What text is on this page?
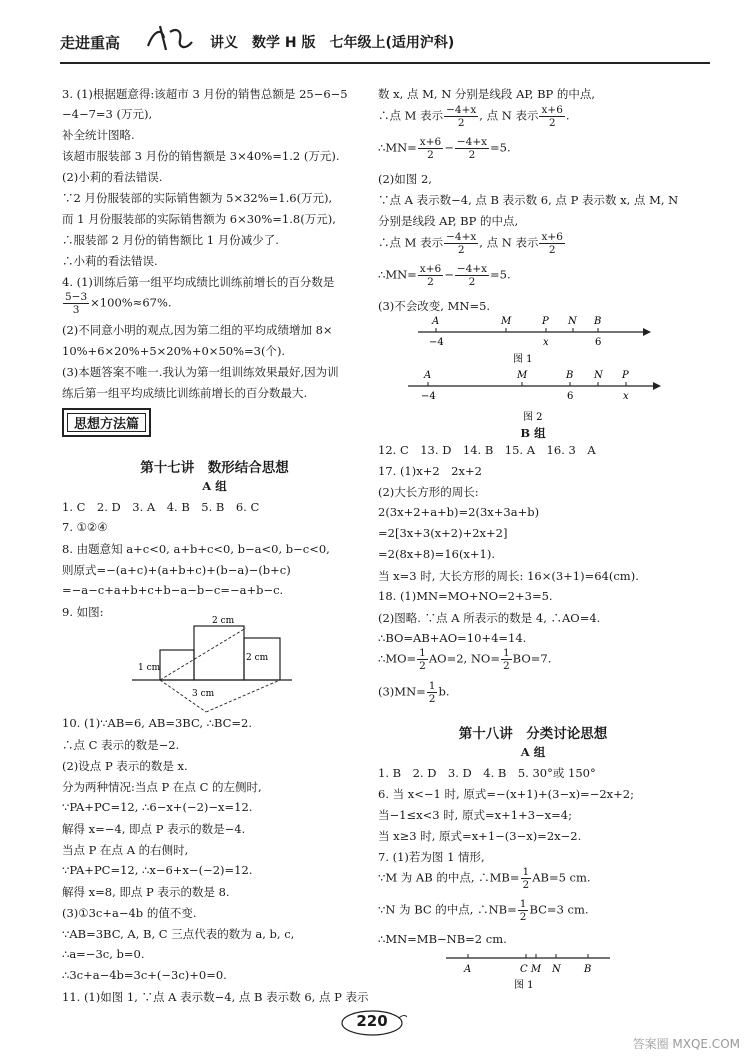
走进重高	讲义　数学 H 版　七年级上(适用沪科)
3. (1)根据题意得:该超市 3 月份的销售总额是 25−6−5
−4−7=3 (万元),
补全统计图略.
该超市服装部 3 月份的销售额是 3×40%=1.2 (万元).
(2)小莉的看法错误.
∵2 月份服装部的实际销售额为 5×32%=1.6(万元),
而 1 月份服装部的实际销售额为 6×30%=1.8(万元),
∴服装部 2 月份的销售额比 1 月份减少了.
∴小莉的看法错误.
4. (1)训练后第一组平均成绩比训练前增长的百分数是
$\frac{5-3}{3} \times 100\%\approx 67\%$.
(2)不同意小明的观点,因为第二组的平均成绩增加 8×
10%+6×20%+5×20%+0×50%=3(个).
(3)本题答案不唯一.我认为第一组训练效果最好,因为训
练后第一组平均成绩比训练前增长的百分数最大.
思想方法篇
第十七讲　数形结合思想
A 组
1. C　2. D　3. A　4. B　5. B　6. C
7. ①②④
8. 由题意知 a+c<0, a+b+c<0, b−a<0, b−c<0,
则原式=−(a+c)+(a+b+c)+(b−a)−(b+c)
=−a−c+a+b+c+b−a−b−c=−a+b−c.
9. 如图:
2 cm
2 cm
1 cm
3 cm
10. (1)∵AB=6, AB=3BC, ∴BC=2.
∴点 C 表示的数是−2.
(2)设点 P 表示的数是 x.
分为两种情况:当点 P 在点 C 的左侧时,
∵PA+PC=12, ∴6−x+(−2)−x=12.
解得 x=−4, 即点 P 表示的数是−4.
当点 P 在点 A 的右侧时,
∵PA+PC=12, ∴x−6+x−(−2)=12.
解得 x=8, 即点 P 表示的数是 8.
(3)①3c+a−4b 的值不变.
∵AB=3BC, A, B, C 三点代表的数为 a, b, c,
∴a=−3c, b=0.
∴3c+a−4b=3c+(−3c)+0=0.
11. (1)如图 1, ∵点 A 表示数−4, 点 B 表示数 6, 点 P 表示
数 x, 点 M, N 分别是线段 AP, BP 的中点,
∴点 M 表示 $\frac{-4+x}{2}$ , 点 N 表示 $\frac{x+6}{2}$ .
∴MN= $\frac{x+6}{2} - \frac{-4+x}{2} =5$.
(2)如图 2,
∵点 A 表示数−4, 点 B 表示数 6, 点 P 表示数 x, 点 M, N
分别是线段 AP, BP 的中点,
∴点 M 表示 $\frac{-4+x}{2}$ , 点 N 表示 $\frac{x+6}{2}$
∴MN= $\frac{x+6}{2} - \frac{-4+x}{2} =5$.
(3)不会改变, MN=5.
A	M	P N B
−4	x	6
图 1
A	M	B N P
−4	6	x
图 2
B 组
12. C　13. D　14. B　15. A　16. 3　A
17. (1)x+2　2x+2
(2)大长方形的周长:
2(3x+2+a+b)=2(3x+3a+b)
=2[3x+3(x+2)+2x+2]
=2(8x+8)=16(x+1).
当 x=3 时, 大长方形的周长: 16×(3+1)=64(cm).
18. (1)MN=MO+NO=2+3=5.
(2)图略. ∵点 A 所表示的数是 4, ∴AO=4.
∴BO=AB+AO=10+4=14.
∴MO= $\frac{1}{2} AO=2$, $NO= \frac{1}{2} BO=7$.
$(3)MN= \frac{1}{2} b$.
第十八讲　分类讨论思想
A 组
1. B　2. D　3. D　4. B　5. 30°或 150°
6. 当 x<−1 时, 原式=−(x+1)+(3−x)=−2x+2;
当−1≤x<3 时, 原式=x+1+3−x=4;
当 x≥3 时, 原式=x+1−(3−x)=2x−2.
7. (1)若为图 1 情形,
∵M 为 AB 的中点, ∴MB= $\frac{1}{2} AB=5$ cm.
∵N 为 BC 的中点, ∴NB= $\frac{1}{2} BC=3$ cm.
∴MN=MB−NB=2 cm.
A	C M N B
图 1
220
答案圈 MXQE.COM
